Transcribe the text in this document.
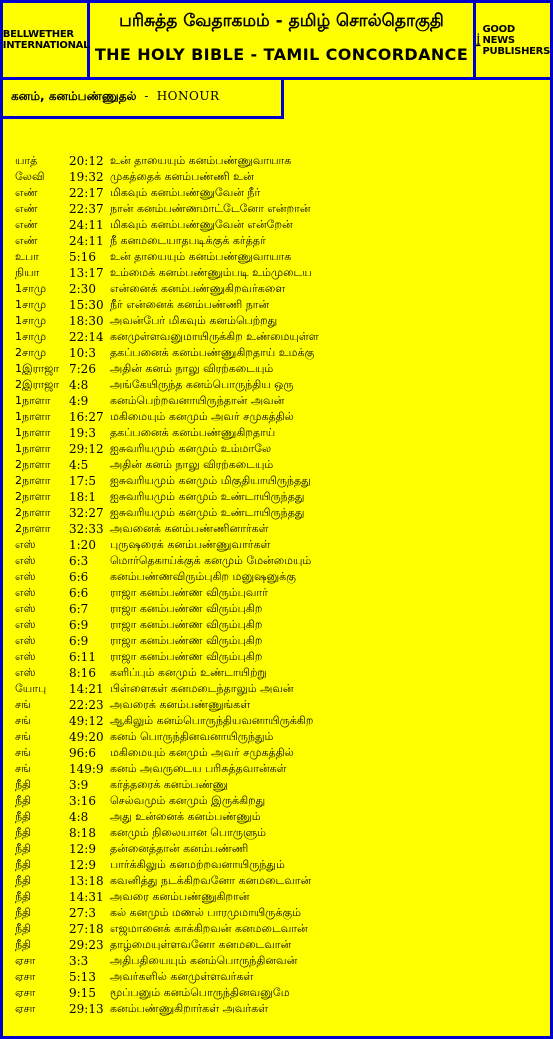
BELLWETHER
INTERNATIONAL
பரிசுத்த வேதாகமம் - தமிழ் சொல்தொகுதி
THE HOLY BIBLE - TAMIL CONCORDANCE
GOOD NEWS
PUBLISHERS
யாத்	20:12 உன் தாயையும் கனம்பண்ணுவாயாக
லேவி 19:32 முகத்தைக் கனம்பண்ணி உன்
எண்	22:17 மிகவும் கனம்பண்ணுவேன் நீர்
எண்	22:37 நான் கனம்பண்ணமாட்டேனோ என்றான்
எண்	24:11 மிகவும் கனம்பண்ணுவேன் என்றேன்
எண்	24:11 நீ கனமடையாதபடிக்குக் கர்த்தர்
உபா	5:16 உன் தாயையும் கனம்பண்ணுவாயாக
நியா 13:17 உம்மைக் கனம்பண்ணும்படி உம்முடைய
1சாமு 2:30 என்னைக் கனம்பண்ணுகிறவர்களை
1சாமு 15:30 நீர் என்னைக் கனம்பண்ணி நான்
1சாமு 18:30 அவன்பேர் மிகவும் கனம்பெற்றது
1சாமு 22:14 கனமுள்ளவனுமாயிருக்கிற உண்மையுள்ள
2சாமு 10:3 தகப்பனைக் கனம்பண்ணுகிறதாய் உமக்கு
1இராஜா 7:26 அதின் கனம் நாலு விரற்கடையும்
2இராஜா 4:8 அங்கேயிருந்த கனம்பொருந்திய ஒரு
1நாளா 4:9 கனம்பெற்றவனாயிருந்தான் அவன்
1நாளா 16:27 மகிமையும் கனமும் அவர் சமுகத்தில்
1நாளா 19:3 தகப்பனைக் கனம்பண்ணுகிறதாய்
1நாளா 29:12 ஐசுவரியமும் கனமும் உம்மாலே
2நாளா 4:5 அதின் கனம் நாலு விரற்கடையும்
2நாளா 17:5 ஐசுவரியமும் கனமும் மிகுதியாயிருந்தது
2நாளா 18:1 ஐசுவரியமும் கனமும் உண்டாயிருந்தது
2நாளா 32:27 ஐசுவரியமும் கனமும் உண்டாயிருந்தது
2நாளா 32:33 அவனைக் கனம்பண்ணினார்கள்
எஸ்	1:20 புருஷரைக் கனம்பண்ணுவார்கள்
எஸ்	6:3 மொர்தெகாய்க்குக் கனமும் மேன்மையும்
எஸ்	6:6 கனம்பண்ணவிரும்புகிற மனுஷனுக்கு
எஸ்	6:6 ராஜா கனம்பண்ண விரும்புவார்
எஸ்	6:7 ராஜா கனம்பண்ண விரும்புகிற
எஸ்	6:9 ராஜா கனம்பண்ண விரும்புகிற
எஸ்	6:9 ராஜா கனம்பண்ண விரும்புகிற
எஸ்	6:11 ராஜா கனம்பண்ண விரும்புகிற
எஸ்	8:16 களிப்பும் கனமும் உண்டாயிற்று
யோபு 14:21 பிள்ளைகள் கனமடைந்தாலும் அவன்
சங்	22:23 அவரைக் கனம்பண்ணுங்கள்
சங்	49:12 ஆகிலும் கனம்பொருந்தியவனாயிருக்கிற
சங்	49:20 கனம் பொருந்தினவனாயிருந்தும்
சங்	96:6 மகிமையும் கனமும் அவர் சமுகத்தில்
சங்	149:9 கனம் அவருடைய பரிசுத்தவான்கள்
நீதி	3:9 கர்த்தரைக் கனம்பண்ணு
நீதி	3:16 செல்வமும் கனமும் இருக்கிறது
நீதி	4:8 அது உன்னைக் கனம்பண்ணும்
நீதி	8:18 கனமும் நிலையான பொருளும்
நீதி	12:9 தன்னைத்தான் கனம்பண்ணி
நீதி	12:9 பார்க்கிலும் கனமற்றவனாயிருந்தும்
நீதி	13:18 கவனித்து நடக்கிறவனோ கனமடைவான்
நீதி	14:31 அவரை கனம்பண்ணுகிறான்
நீதி	27:3 கல் கனமும் மணல் பாரமுமாயிருக்கும்
நீதி	27:18 எஜமானைக் காக்கிறவன் கனமடைவான்
நீதி	29:23 தாழ்மையுள்ளவனோ கனமடைவான்
ஏசா	3:3 அதிபதியையும் கனம்பொருந்தினவன்
ஏசா	5:13 அவர்களில் கனமுள்ளவர்கள்
ஏசா	9:15 மூப்பனும் கனம்பொருந்தினவனுமே
ஏசா	29:13 கனம்பண்ணுகிறார்கள் அவர்கள்
கனம், கனம்பண்ணுதல் - HONOUR
